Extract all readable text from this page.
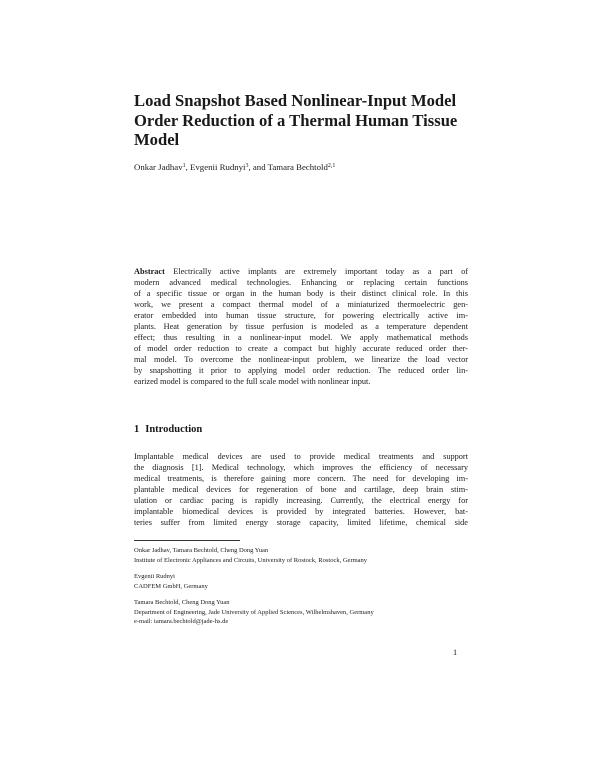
Load Snapshot Based Nonlinear-Input Model
Order Reduction of a Thermal Human Tissue
Model
Onkar Jadhav$^1$, Evgenii Rudnyi$^3$, and Tamara Bechtold$^{2,1}$
Abstract Electrically active implants are extremely important today as a part of
modern advanced medical technologies. Enhancing or replacing certain functions
of a specific tissue or organ in the human body is their distinct clinical role. In this
work, we present a compact thermal model of a miniaturized thermoelectric gen-
erator embedded into human tissue structure, for powering electrically active im-
plants. Heat generation by tissue perfusion is modeled as a temperature dependent
effect; thus resulting in a nonlinear-input model. We apply mathematical methods
of model order reduction to create a compact but highly accurate reduced order ther-
mal model. To overcome the nonlinear-input problem, we linearize the load vector
by snapshotting it prior to applying model order reduction. The reduced order lin-
earized model is compared to the full scale model with nonlinear input.
1 Introduction
Implantable medical devices are used to provide medical treatments and support
the diagnosis [1]. Medical technology, which improves the efficiency of necessary
medical treatments, is therefore gaining more concern. The need for developing im-
plantable medical devices for regeneration of bone and cartilage, deep brain stim-
ulation or cardiac pacing is rapidly increasing. Currently, the electrical energy for
implantable biomedical devices is provided by integrated batteries. However, bat-
teries suffer from limited energy storage capacity, limited lifetime, chemical side
Onkar Jadhav, Tamara Bechtold, Cheng Dong Yuan
Institute of Electronic Appliances and Circuits, University of Rostock, Rostock, Germany
Evgenii Rudnyi
CADFEM GmbH, Germany
Tamara Bechtold, Cheng Dong Yuan
Department of Engineering, Jade University of Applied Sciences, Wilhelmshaven, Germany
e-mail: tamara.bechtold@jade-hs.de
1
